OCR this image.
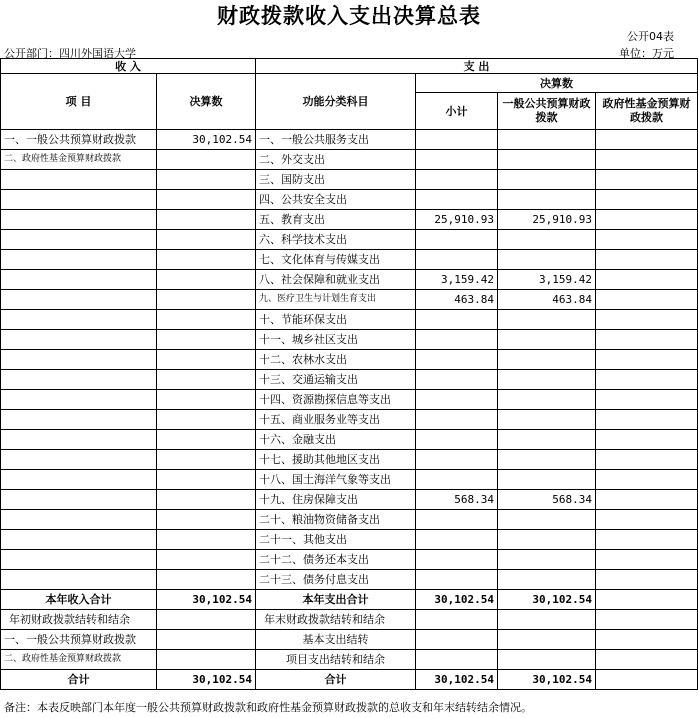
财政拨款收入支出决算总表
公开04表
公开部门：四川外国语大学	单位：万元
收 入		支 出			
项 目	决算数	功能分类科目	决算数		
			小计	一般公共预算财政拨款	政府性基金预算财政拨款
一、一般公共预算财政拨款	30,102.54	一、一般公共服务支出			
二、政府性基金预算财政拨款		二、外交支出			
		三、国防支出			
		四、公共安全支出			
		五、教育支出	25,910.93	25,910.93	
		六、科学技术支出			
		七、文化体育与传媒支出			
		八、社会保障和就业支出	3,159.42	3,159.42	
		九、医疗卫生与计划生育支出	463.84	463.84	
		十、节能环保支出			
		十一、城乡社区支出			
		十二、农林水支出			
		十三、交通运输支出			
		十四、资源勘探信息等支出			
		十五、商业服务业等支出			
		十六、金融支出			
		十七、援助其他地区支出			
		十八、国土海洋气象等支出			
		十九、住房保障支出	568.34	568.34	
		二十、粮油物资储备支出			
		二十一、其他支出			
		二十二、债务还本支出			
		二十三、债务付息支出			
本年收入合计	30,102.54	本年支出合计	30,102.54	30,102.54	
年初财政拨款结转和结余		年末财政拨款结转和结余			
一、一般公共预算财政拨款		基本支出结转			
二、政府性基金预算财政拨款		项目支出结转和结余			
合计	30,102.54	合计	30,102.54	30,102.54	
备注：本表反映部门本年度一般公共预算财政拨款和政府性基金预算财政拨款的总收支和年末结转结余情况。
